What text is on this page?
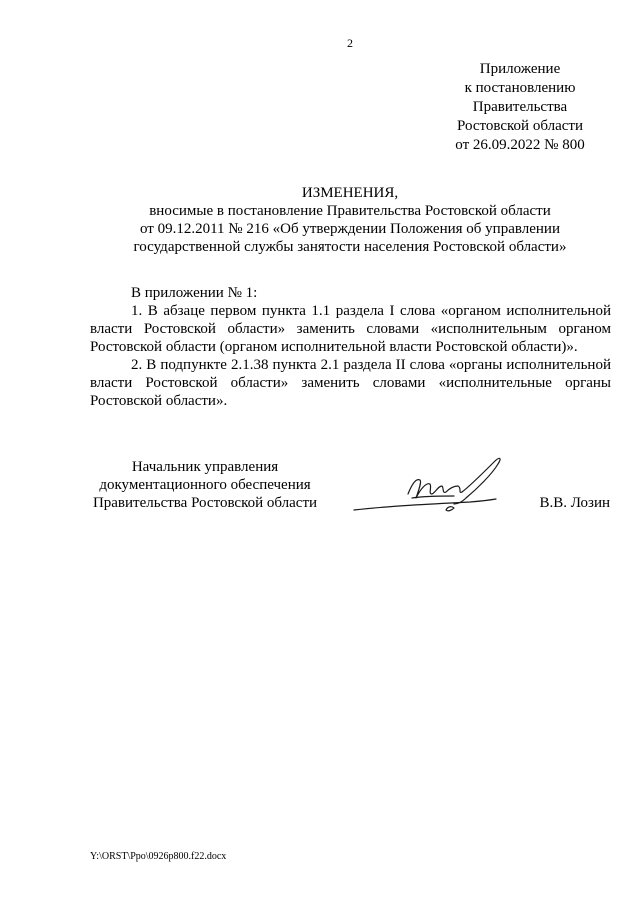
2
Приложение
к постановлению
Правительства
Ростовской области
от 26.09.2022 № 800
ИЗМЕНЕНИЯ,
вносимые в постановление Правительства Ростовской области
от 09.12.2011 № 216 «Об утверждении Положения об управлении
государственной службы занятости населения Ростовской области»

В приложении № 1:

1. В абзаце первом пункта 1.1 раздела I слова «органом исполнительной власти Ростовской области» заменить словами «исполнительным органом Ростовской области (органом исполнительной власти Ростовской области)».

2. В подпункте 2.1.38 пункта 2.1 раздела II слова «органы исполнительной власти Ростовской области» заменить словами «исполнительные органы Ростовской области».

Начальник управления
документационного обеспечения
Правительства Ростовской области	В.В. Лозин
Y:\ORST\Ppo\0926p800.f22.docx
